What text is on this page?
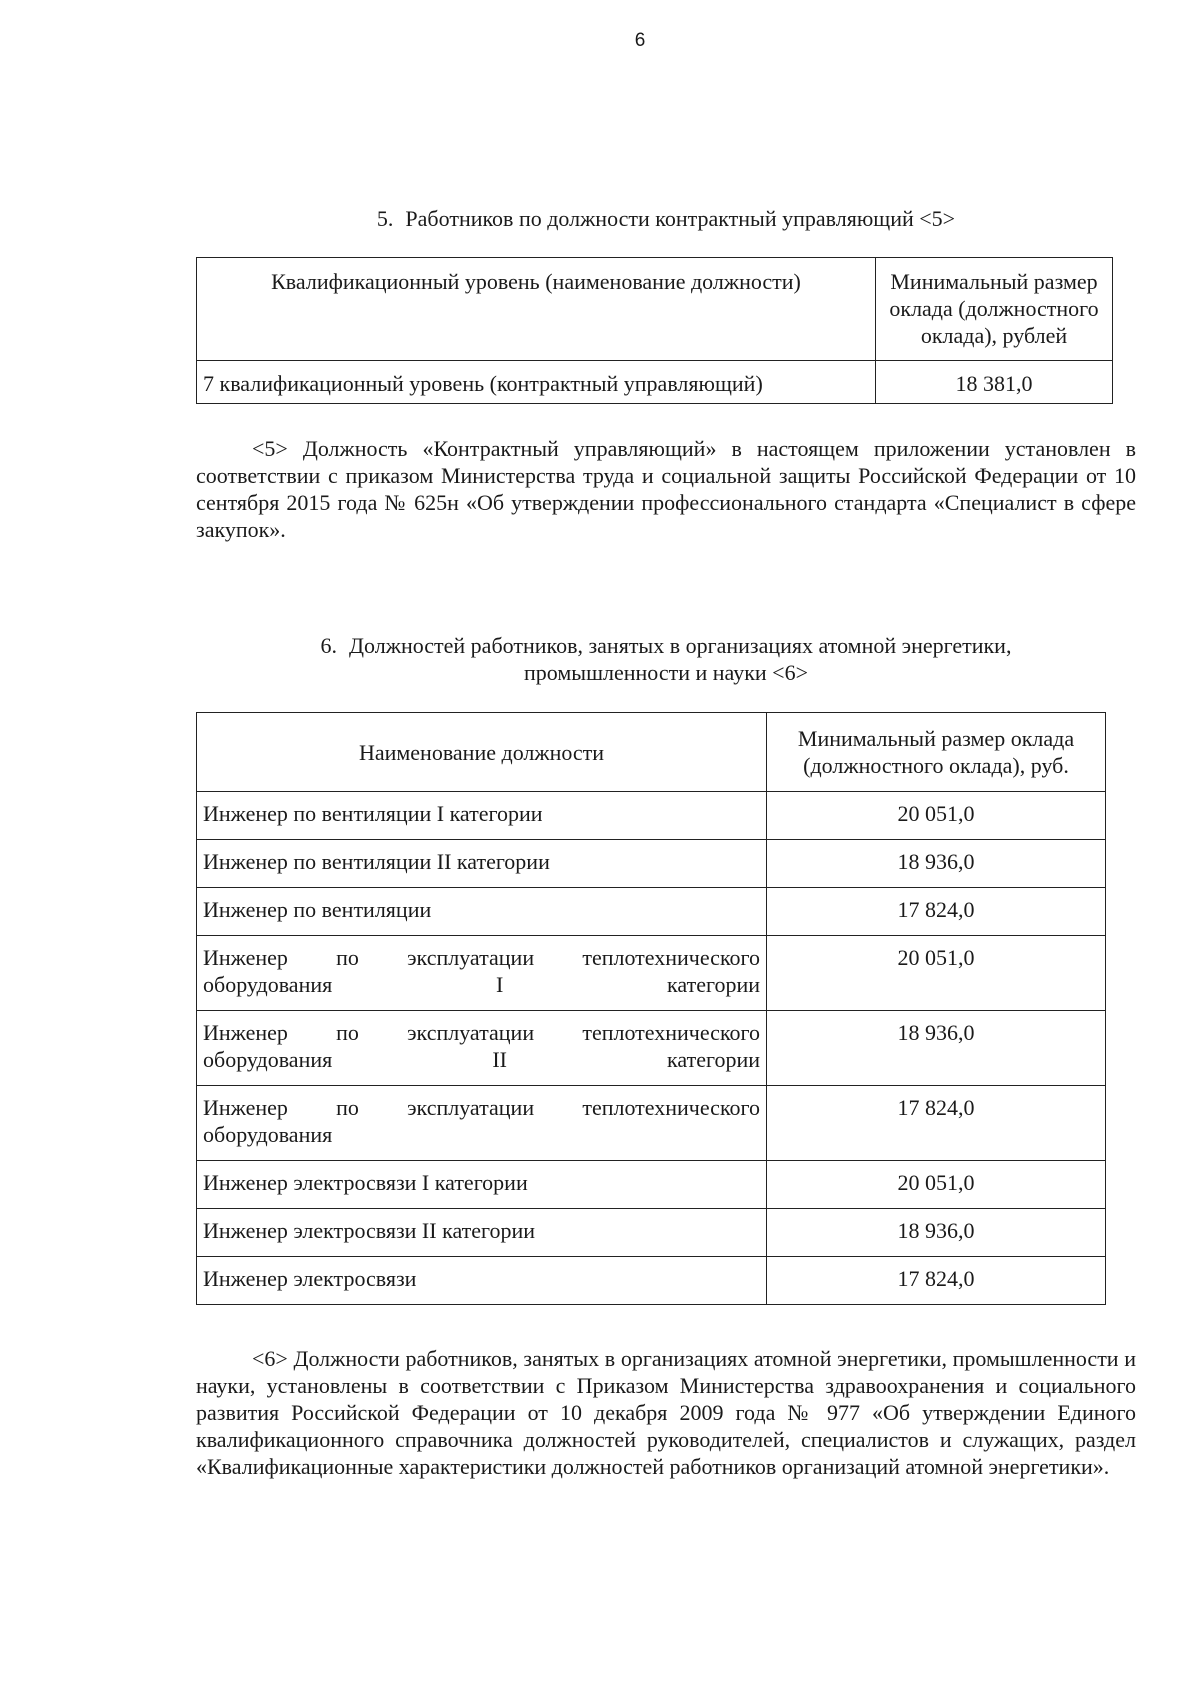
6
5. Работников по должности контрактный управляющий <5>
Квалификационный уровень (наименование должности)	Минимальный размер оклада (должностного оклада), рублей
7 квалификационный уровень (контрактный управляющий)	18 381,0

<5> Должность «Контрактный управляющий» в настоящем приложении установлен в соответствии с приказом Министерства труда и социальной защиты Российской Федерации от 10 сентября 2015 года № 625н «Об утверждении профессионального стандарта «Специалист в сфере закупок».

6. Должностей работников, занятых в организациях атомной энергетики,
промышленности и науки <6>
Наименование должности	Минимальный размер оклада (должностного оклада), руб.
Инженер по вентиляции I категории	20 051,0
Инженер по вентиляции II категории	18 936,0
Инженер по вентиляции	17 824,0
Инженер по эксплуатации теплотехнического оборудования I категории	20 051,0
Инженер по эксплуатации теплотехнического оборудования II категории	18 936,0
Инженер по эксплуатации теплотехнического оборудования	17 824,0
Инженер электросвязи I категории	20 051,0
Инженер электросвязи II категории	18 936,0
Инженер электросвязи	17 824,0

<6> Должности работников, занятых в организациях атомной энергетики, промышленности и науки, установлены в соответствии с Приказом Министерства здравоохранения и социального развития Российской Федерации от 10 декабря 2009 года № 977 «Об утверждении Единого квалификационного справочника должностей руководителей, специалистов и служащих, раздел «Квалификационные характеристики должностей работников организаций атомной энергетики».
